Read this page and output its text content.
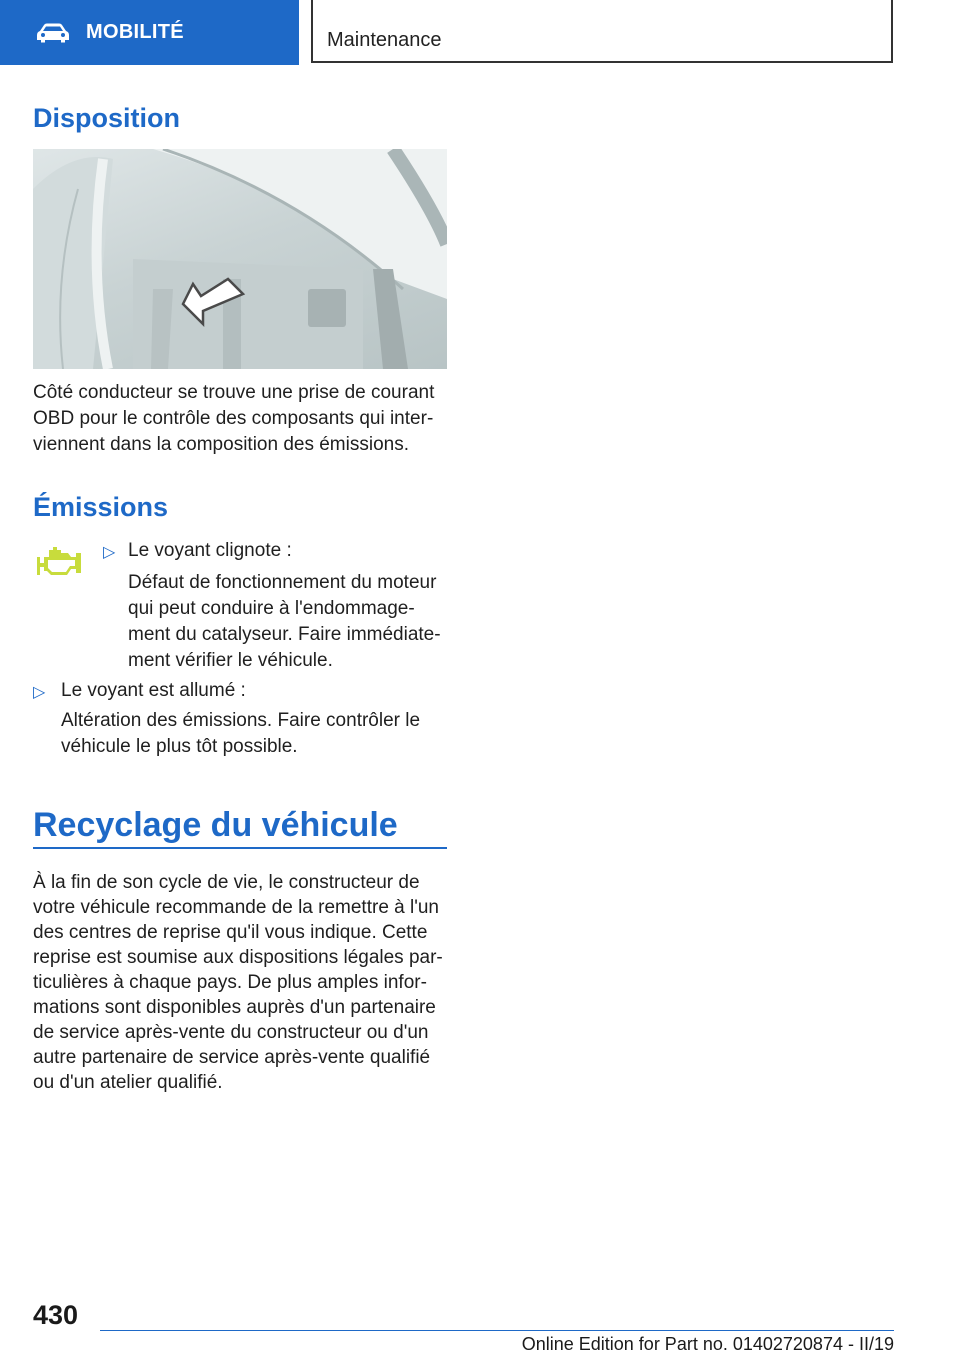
MOBILITÉ	Maintenance
Disposition
Côté conducteur se trouve une prise de courant OBD pour le contrôle des composants qui interviennent dans la composition des émissions.
Émissions
▷ Le voyant clignote :
Défaut de fonctionnement du moteur
qui peut conduire à l'endommage‐
ment du catalyseur. Faire immédiate‐
ment vérifier le véhicule.
▷ Le voyant est allumé :
Altération des émissions. Faire contrôler le
véhicule le plus tôt possible.
Recyclage du véhicule
À la fin de son cycle de vie, le constructeur de
votre véhicule recommande de la remettre à l'un
des centres de reprise qu'il vous indique. Cette
reprise est soumise aux dispositions légales par‐
ticulières à chaque pays. De plus amples infor‐
mations sont disponibles auprès d'un partenaire
de service après-vente du constructeur ou d'un
autre partenaire de service après-vente qualifié
ou d'un atelier qualifié.
430
Online Edition for Part no. 01402720874 - II/19
